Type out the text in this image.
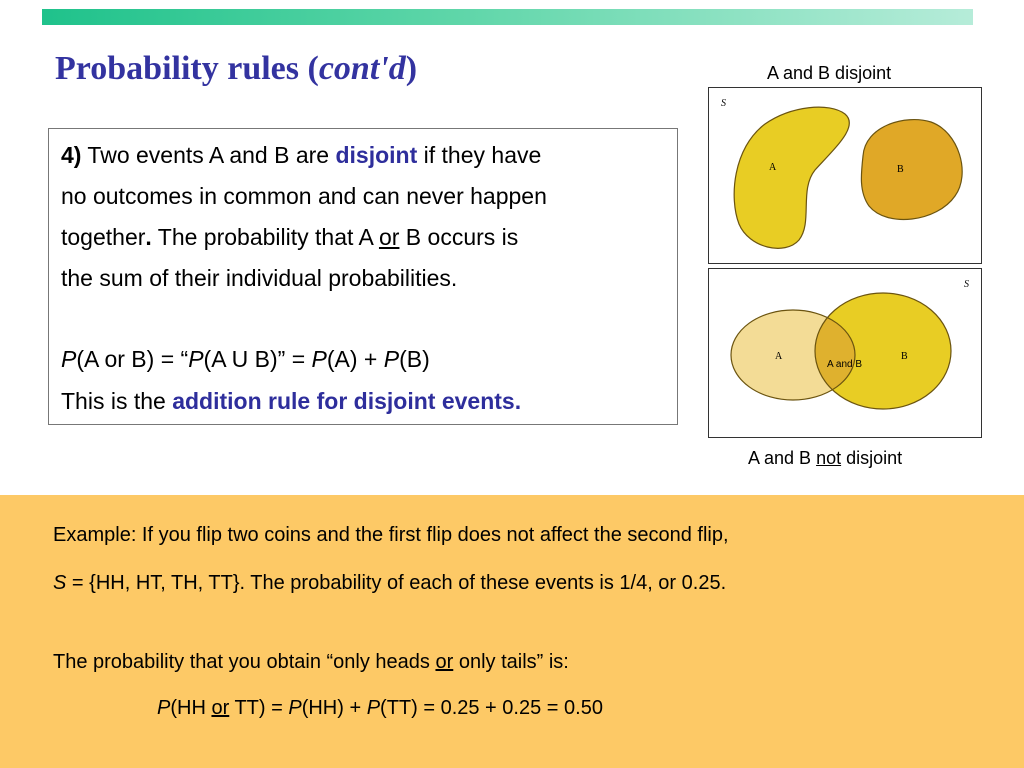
Probability rules (cont'd)
4) Two events A and B are disjoint if they have
no outcomes in common and can never happen
together. The probability that A or B occurs is
the sum of their individual probabilities.
P(A or B) = “P(A U B)” = P(A) + P(B)
This is the addition rule for disjoint events.
A and B disjoint
S
A	B
S
A	B
A and B
A and B not disjoint
Example: If you flip two coins and the first flip does not affect the second flip,
S = {HH, HT, TH, TT}. The probability of each of these events is 1/4, or 0.25.
The probability that you obtain “only heads or only tails” is:
P(HH or TT) = P(HH) + P(TT) = 0.25 + 0.25 = 0.50
